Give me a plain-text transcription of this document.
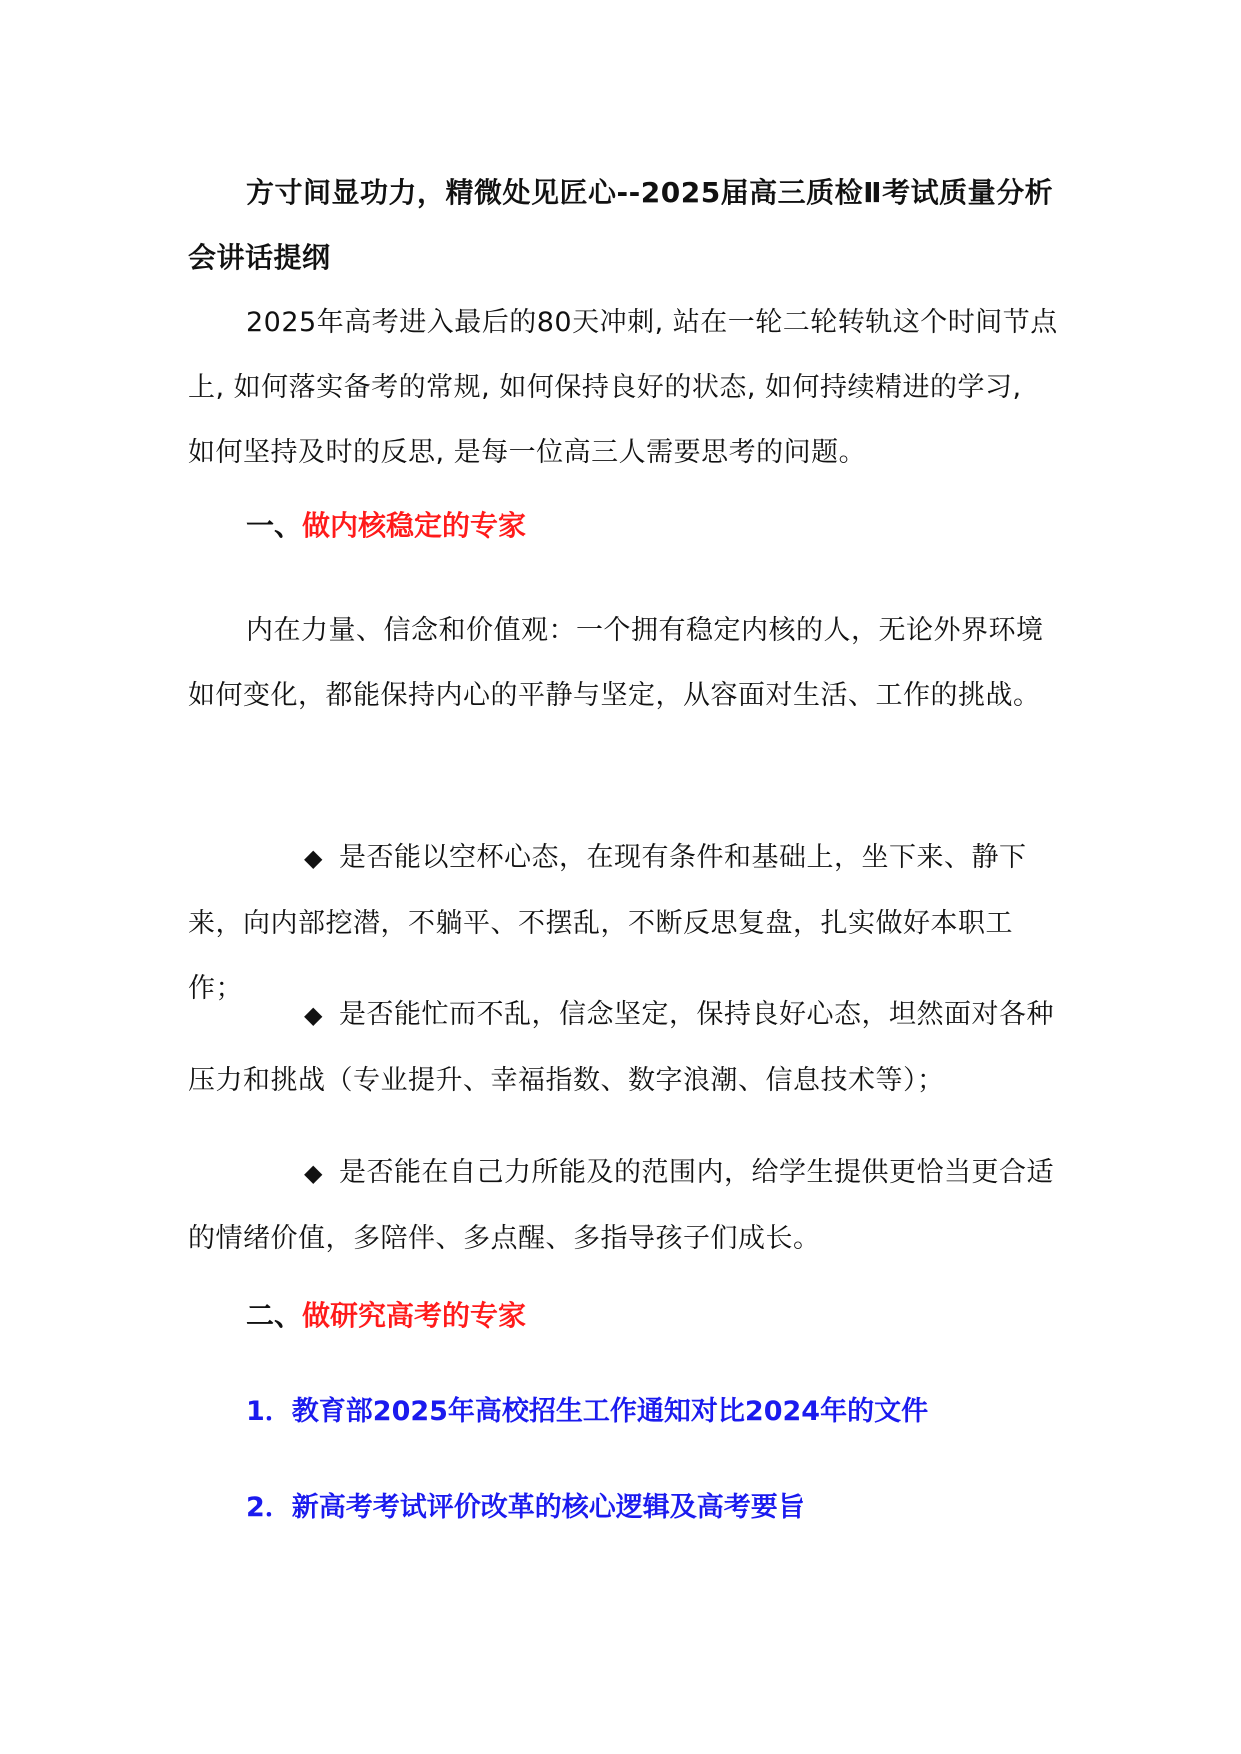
方寸间显功力，精微处见匠心--2025届高三质检Ⅱ考试质量分析会讲话提纲
2025年高考进入最后的80天冲刺, 站在一轮二轮转轨这个时间节点上, 如何落实备考的常规, 如何保持良好的状态, 如何持续精进的学习, 如何坚持及时的反思, 是每一位高三人需要思考的问题。
一、做内核稳定的专家
内在力量、信念和价值观：一个拥有稳定内核的人，无论外界环境如何变化，都能保持内心的平静与坚定，从容面对生活、工作的挑战。
◆ 是否能以空杯心态，在现有条件和基础上，坐下来、静下来，向内部挖潜，不躺平、不摆乱，不断反思复盘，扎实做好本职工作；
◆ 是否能忙而不乱，信念坚定，保持良好心态，坦然面对各种压力和挑战（专业提升、幸福指数、数字浪潮、信息技术等）；
◆ 是否能在自己力所能及的范围内，给学生提供更恰当更合适的情绪价值，多陪伴、多点醒、多指导孩子们成长。
二、做研究高考的专家
1．教育部2025年高校招生工作通知对比2024年的文件
2．新高考考试评价改革的核心逻辑及高考要旨
